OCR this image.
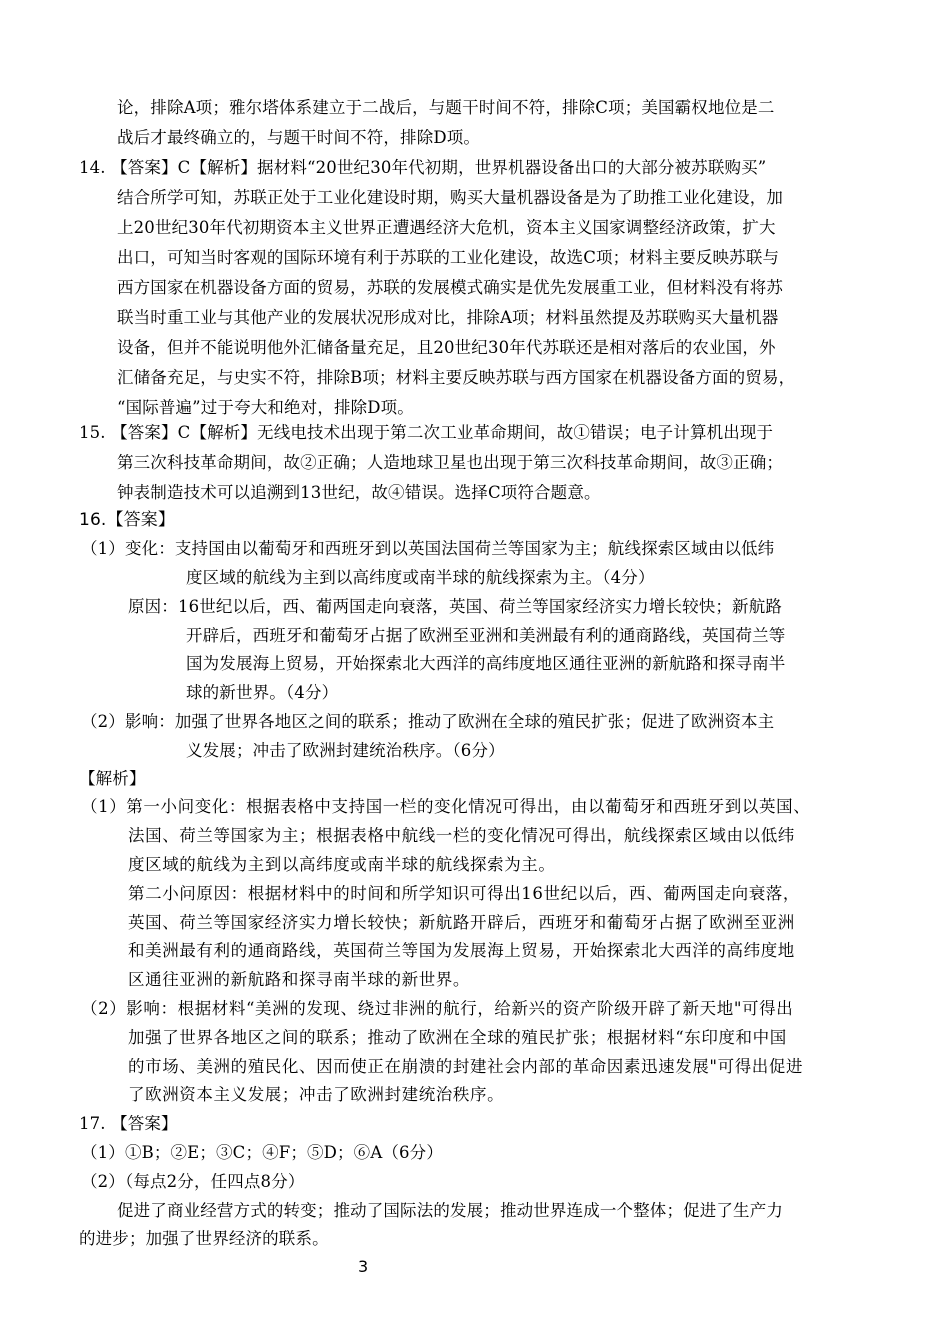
论，排除A项；雅尔塔体系建立于二战后，与题干时间不符，排除C项；美国霸权地位是二
战后才最终确立的，与题干时间不符，排除D项。
14. 【答案】C【解析】据材料“20世纪30年代初期，世界机器设备出口的大部分被苏联购买”
结合所学可知，苏联正处于工业化建设时期，购买大量机器设备是为了助推工业化建设，加
上20世纪30年代初期资本主义世界正遭遇经济大危机，资本主义国家调整经济政策，扩大
出口，可知当时客观的国际环境有利于苏联的工业化建设，故选C项；材料主要反映苏联与
西方国家在机器设备方面的贸易，苏联的发展模式确实是优先发展重工业，但材料没有将苏
联当时重工业与其他产业的发展状况形成对比，排除A项；材料虽然提及苏联购买大量机器
设备，但并不能说明他外汇储备量充足，且20世纪30年代苏联还是相对落后的农业国，外
汇储备充足，与史实不符，排除B项；材料主要反映苏联与西方国家在机器设备方面的贸易，
“国际普遍”过于夸大和绝对，排除D项。
15. 【答案】C【解析】无线电技术出现于第二次工业革命期间，故①错误；电子计算机出现于
第三次科技革命期间，故②正确；人造地球卫星也出现于第三次科技革命期间，故③正确；
钟表制造技术可以追溯到13世纪，故④错误。选择C项符合题意。
16.【答案】
（1）变化：支持国由以葡萄牙和西班牙到以英国法国荷兰等国家为主；航线探索区域由以低纬
度区域的航线为主到以高纬度或南半球的航线探索为主。（4分）
原因：16世纪以后，西、葡两国走向衰落，英国、荷兰等国家经济实力增长较快；新航路
开辟后，西班牙和葡萄牙占据了欧洲至亚洲和美洲最有利的通商路线，英国荷兰等
国为发展海上贸易，开始探索北大西洋的高纬度地区通往亚洲的新航路和探寻南半
球的新世界。（4分）
（2）影响：加强了世界各地区之间的联系；推动了欧洲在全球的殖民扩张；促进了欧洲资本主
义发展；冲击了欧洲封建统治秩序。（6分）
【解析】
（1）第一小问变化：根据表格中支持国一栏的变化情况可得出，由以葡萄牙和西班牙到以英国、
法国、荷兰等国家为主；根据表格中航线一栏的变化情况可得出，航线探索区域由以低纬
度区域的航线为主到以高纬度或南半球的航线探索为主。
第二小问原因：根据材料中的时间和所学知识可得出16世纪以后，西、葡两国走向衰落，
英国、荷兰等国家经济实力增长较快；新航路开辟后，西班牙和葡萄牙占据了欧洲至亚洲
和美洲最有利的通商路线，英国荷兰等国为发展海上贸易，开始探索北大西洋的高纬度地
区通往亚洲的新航路和探寻南半球的新世界。
（2）影响：根据材料“美洲的发现、绕过非洲的航行，给新兴的资产阶级开辟了新天地"可得出
加强了世界各地区之间的联系；推动了欧洲在全球的殖民扩张；根据材料“东印度和中国
的市场、美洲的殖民化、因而使正在崩溃的封建社会内部的革命因素迅速发展"可得出促进
了欧洲资本主义发展；冲击了欧洲封建统治秩序。
17. 【答案】
（1）①B；②E；③C；④F；⑤D；⑥A（6分）
（2）（每点2分，任四点8分）
促进了商业经营方式的转变；推动了国际法的发展；推动世界连成一个整体；促进了生产力
的进步；加强了世界经济的联系。
3
